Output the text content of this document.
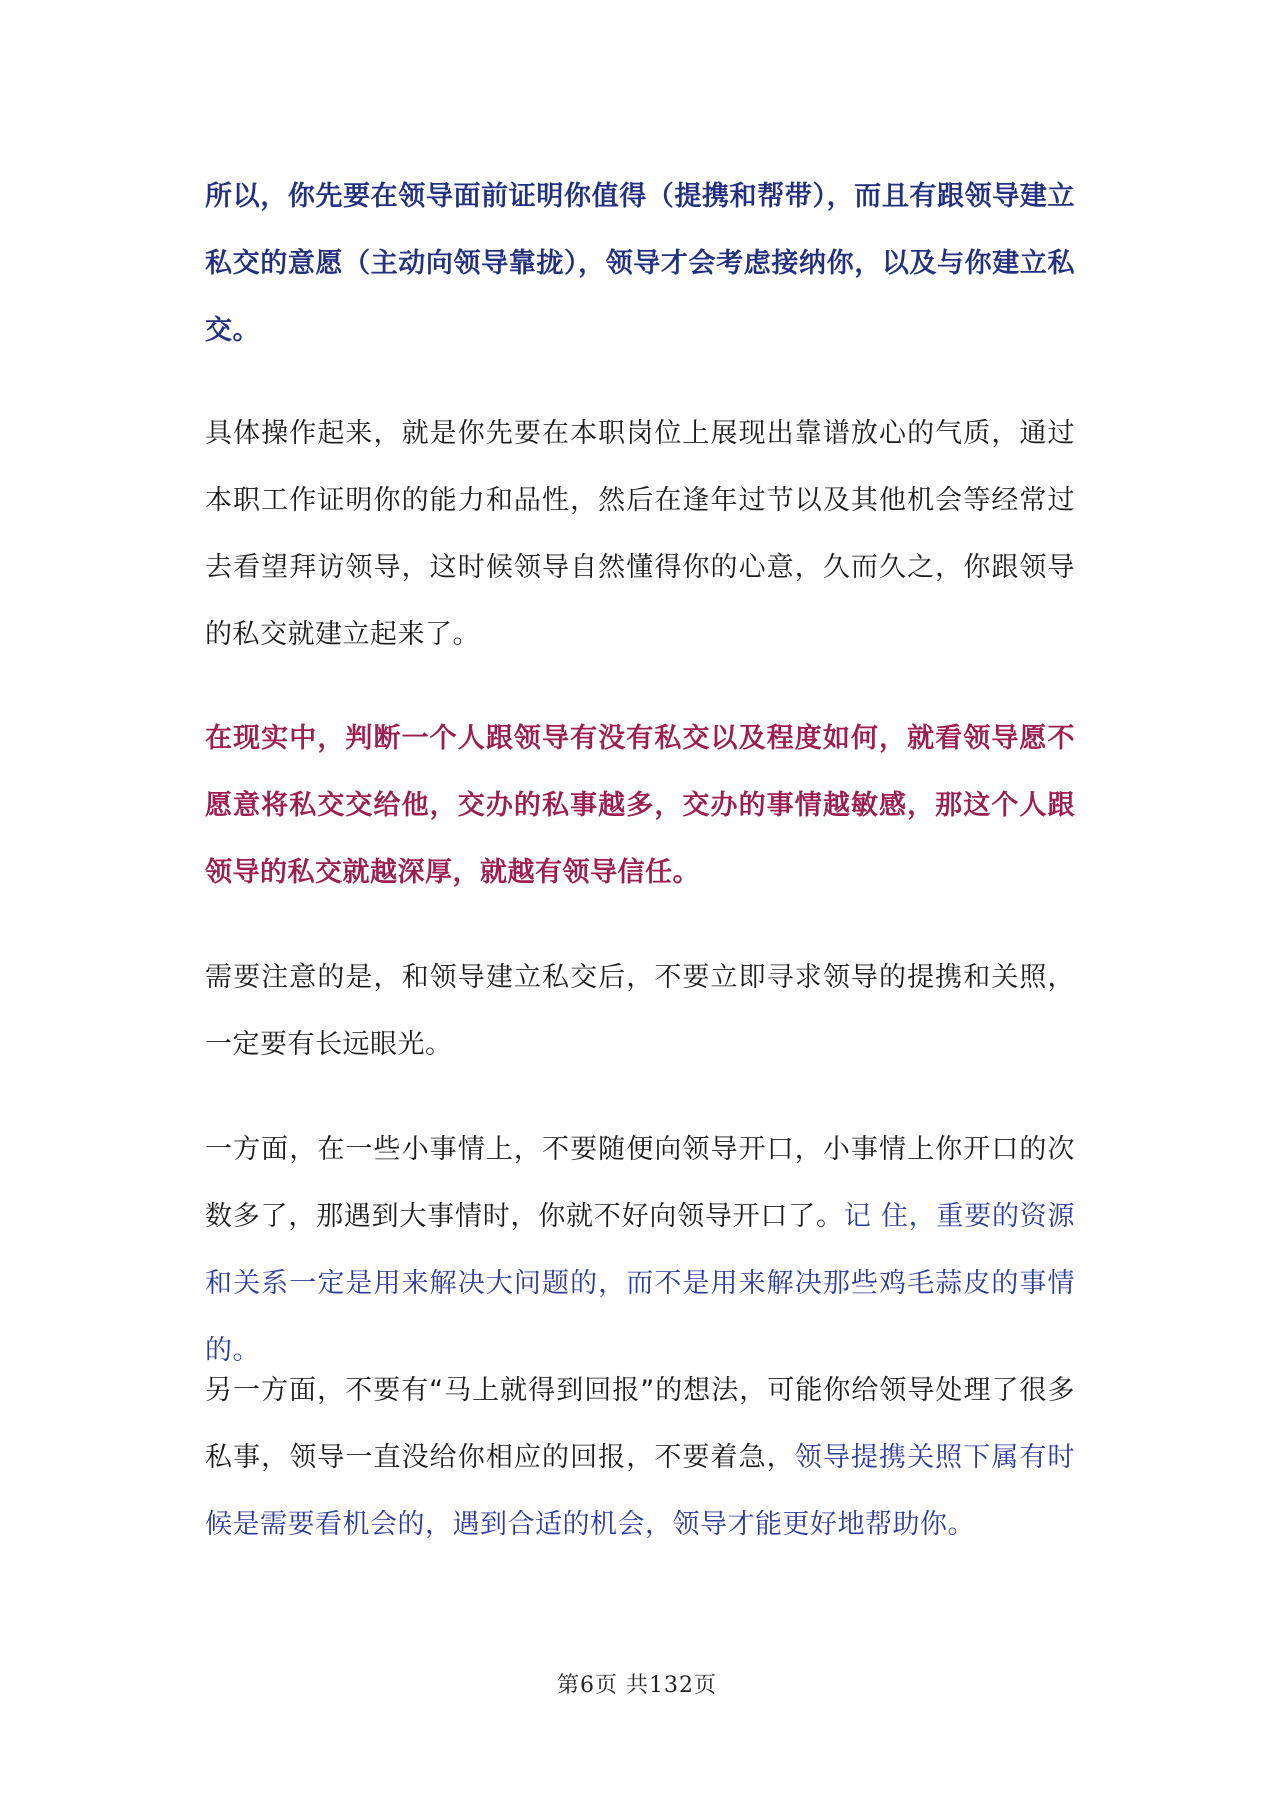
所以，你先要在领导面前证明你值得（提携和帮带），而且有跟领导建立私交的意愿（主动向领导靠拢），领导才会考虑接纳你，以及与你建立私交。

具体操作起来，就是你先要在本职岗位上展现出靠谱放心的气质，通过本职工作证明你的能力和品性，然后在逢年过节以及其他机会等经常过去看望拜访领导，这时候领导自然懂得你的心意，久而久之，你跟领导的私交就建立起来了。

在现实中，判断一个人跟领导有没有私交以及程度如何，就看领导愿不愿意将私交交给他，交办的私事越多，交办的事情越敏感，那这个人跟领导的私交就越深厚，就越有领导信任。

需要注意的是，和领导建立私交后，不要立即寻求领导的提携和关照， 一定要有长远眼光。

一方面，在一些小事情上，不要随便向领导开口，小事情上你开口的次数多了，那遇到大事情时，你就不好向领导开口了。记 住，重要的资源和关系一定是用来解决大问题的，而不是用来解决那些鸡毛蒜皮的事情的。

另一方面，不要有“马上就得到回报”的想法，可能你给领导处理了很多私事，领导一直没给你相应的回报，不要着急，领导提携关照下属有时候是需要看机会的，遇到合适的机会，领导才能更好地帮助你。

第6页 共132页
